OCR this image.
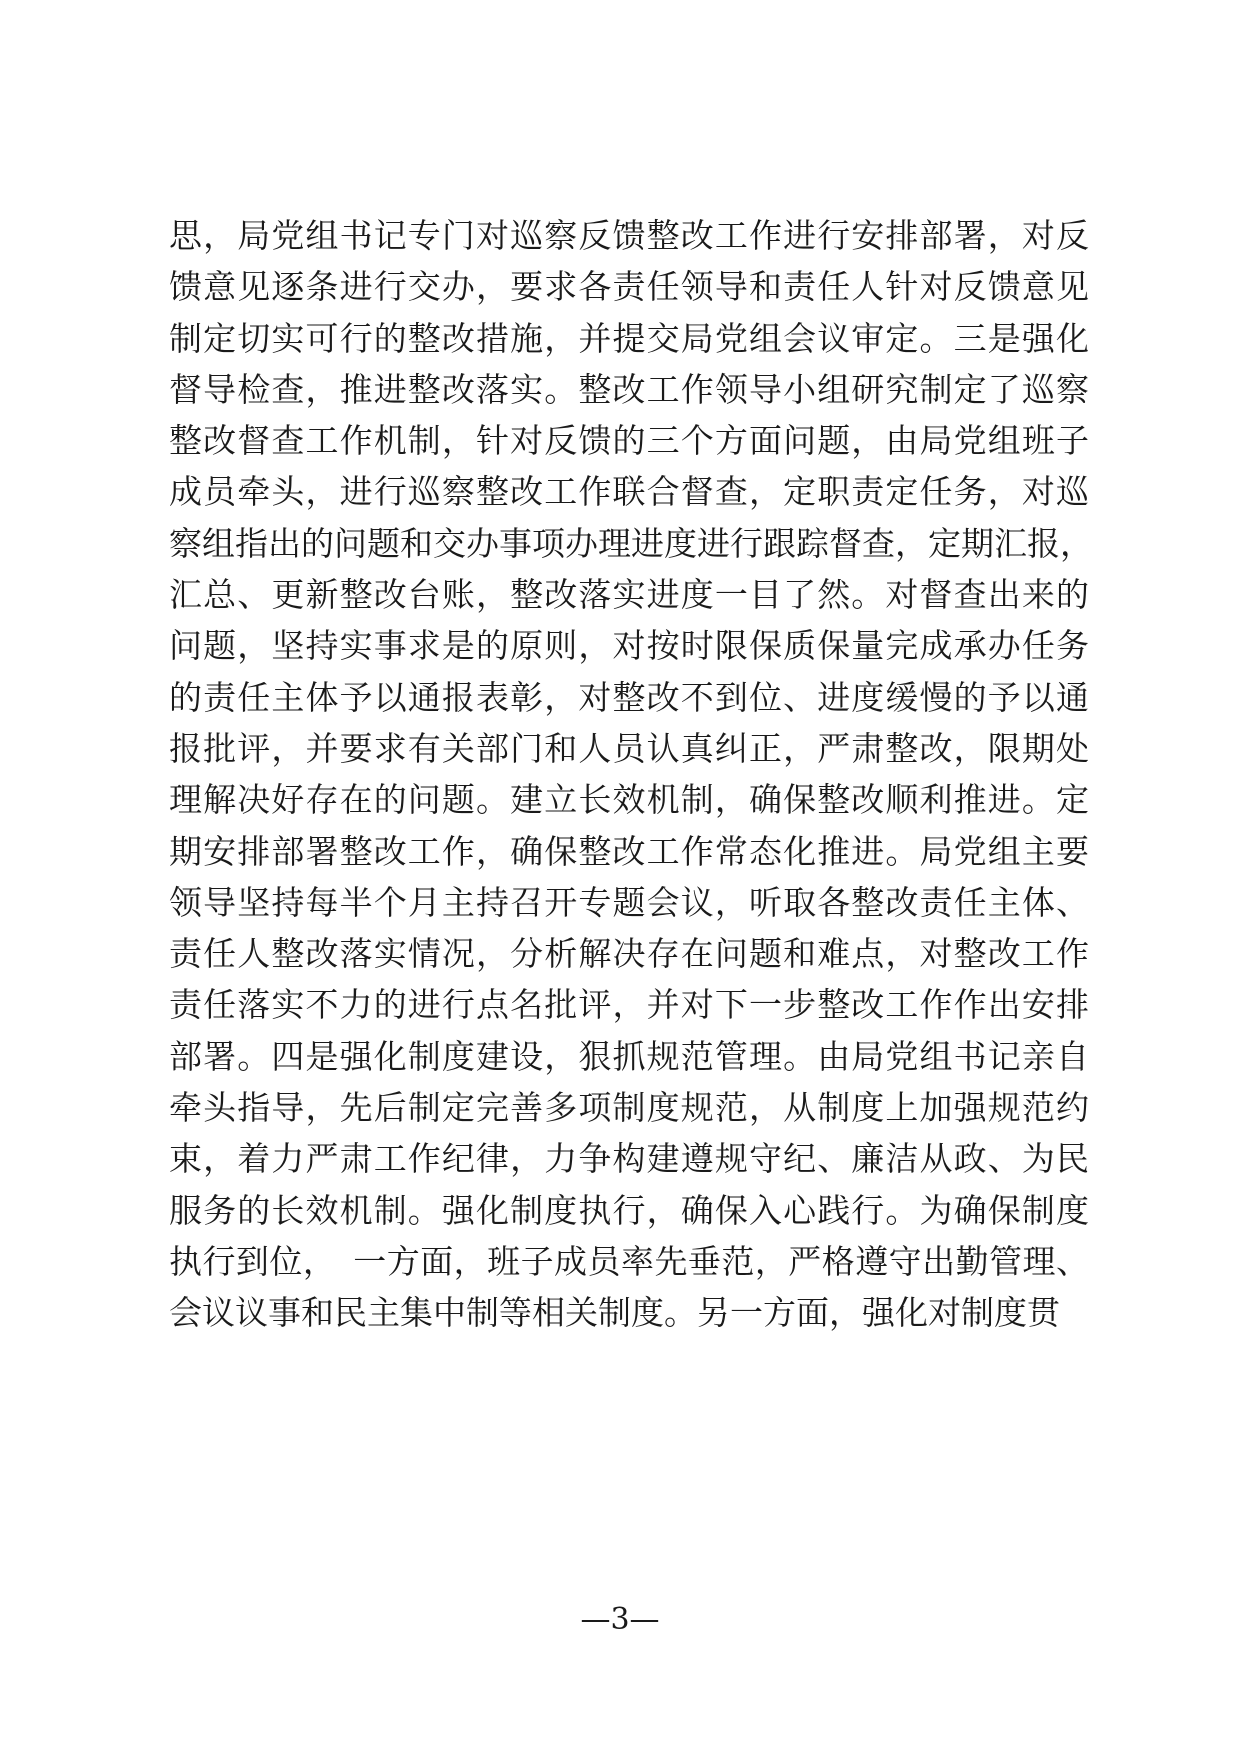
思，局党组书记专门对巡察反馈整改工作进行安排部署，对反
馈意见逐条进行交办，要求各责任领导和责任人针对反馈意见
制定切实可行的整改措施，并提交局党组会议审定。三是强化
督导检查，推进整改落实。整改工作领导小组研究制定了巡察
整改督查工作机制，针对反馈的三个方面问题，由局党组班子
成员牵头，进行巡察整改工作联合督查，定职责定任务，对巡
察组指出的问题和交办事项办理进度进行跟踪督查，定期汇报，
汇总、更新整改台账，整改落实进度一目了然。对督查出来的
问题，坚持实事求是的原则，对按时限保质保量完成承办任务
的责任主体予以通报表彰，对整改不到位、进度缓慢的予以通
报批评，并要求有关部门和人员认真纠正，严肃整改，限期处
理解决好存在的问题。建立长效机制，确保整改顺利推进。定
期安排部署整改工作，确保整改工作常态化推进。局党组主要
领导坚持每半个月主持召开专题会议，听取各整改责任主体、
责任人整改落实情况，分析解决存在问题和难点，对整改工作
责任落实不力的进行点名批评，并对下一步整改工作作出安排
部署。四是强化制度建设，狠抓规范管理。由局党组书记亲自
牵头指导，先后制定完善多项制度规范，从制度上加强规范约
束，着力严肃工作纪律，力争构建遵规守纪、廉洁从政、为民
服务的长效机制。强化制度执行，确保入心践行。为确保制度
执行到位，　一方面，班子成员率先垂范，严格遵守出勤管理、
会议议事和民主集中制等相关制度。另一方面，强化对制度贯
—3—
